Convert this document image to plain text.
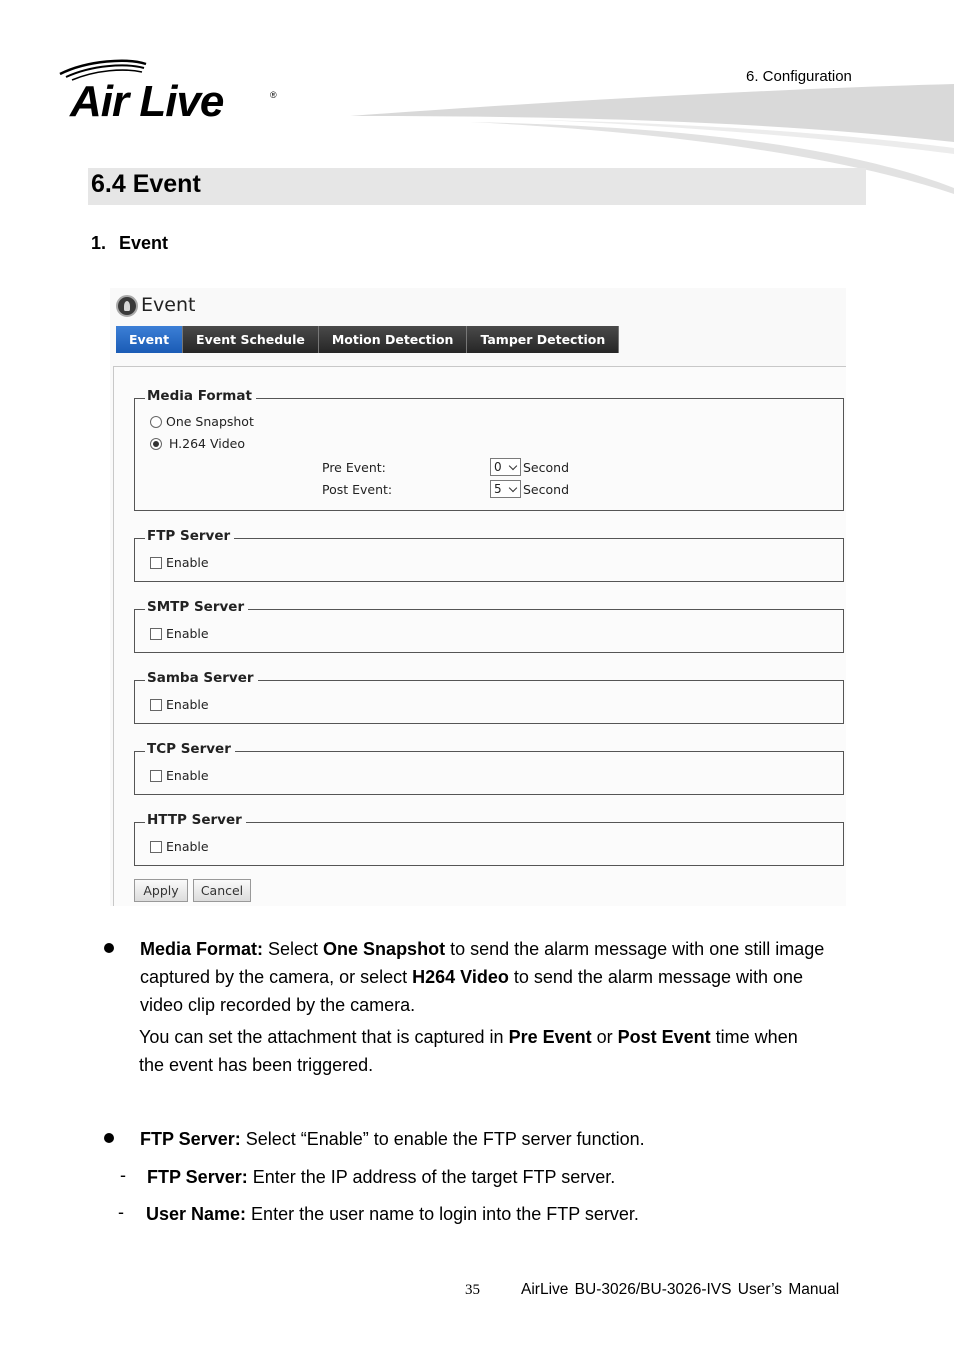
Air Live	®
6. Configuration
6.4 Event
1. Event
Event
Event	Event Schedule	Motion Detection	Tamper Detection
Media Format
One Snapshot
H.264 Video
Pre Event:	0 Second
Post Event:	5 Second
FTP Server
Enable
SMTP Server
Enable
Samba Server
Enable
TCP Server
Enable
HTTP Server
Enable
Apply	Cancel
Media Format: Select One Snapshot to send the alarm message with one still image
captured by the camera, or select H264 Video to send the alarm message with one
video clip recorded by the camera.
You can set the attachment that is captured in Pre Event or Post Event time when
the event has been triggered.
FTP Server: Select “Enable” to enable the FTP server function.
- FTP Server: Enter the IP address of the target FTP server.
- User Name: Enter the user name to login into the FTP server.
35	AirLive BU-3026/BU-3026-IVS User’s Manual
